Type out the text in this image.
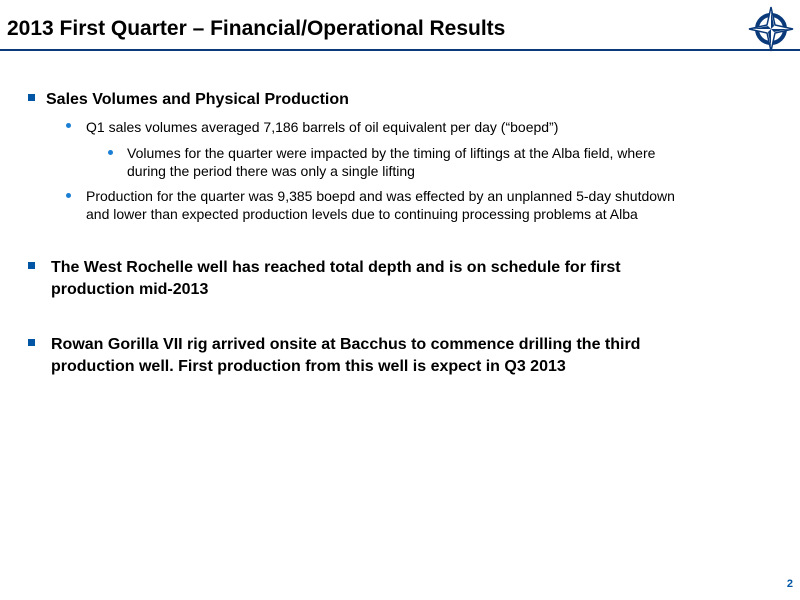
2013 First Quarter – Financial/Operational Results
Sales Volumes and Physical Production
Q1 sales volumes averaged 7,186 barrels of oil equivalent per day (“boepd”)
Volumes for the quarter were impacted by the timing of liftings at the Alba field, where
during the period there was only a single lifting
Production for the quarter was 9,385 boepd and was effected by an unplanned 5-day shutdown
and lower than expected production levels due to continuing processing problems at Alba
The West Rochelle well has reached total depth and is on schedule for first
production mid-2013
Rowan Gorilla VII rig arrived onsite at Bacchus to commence drilling the third
production well. First production from this well is expect in Q3 2013
2
